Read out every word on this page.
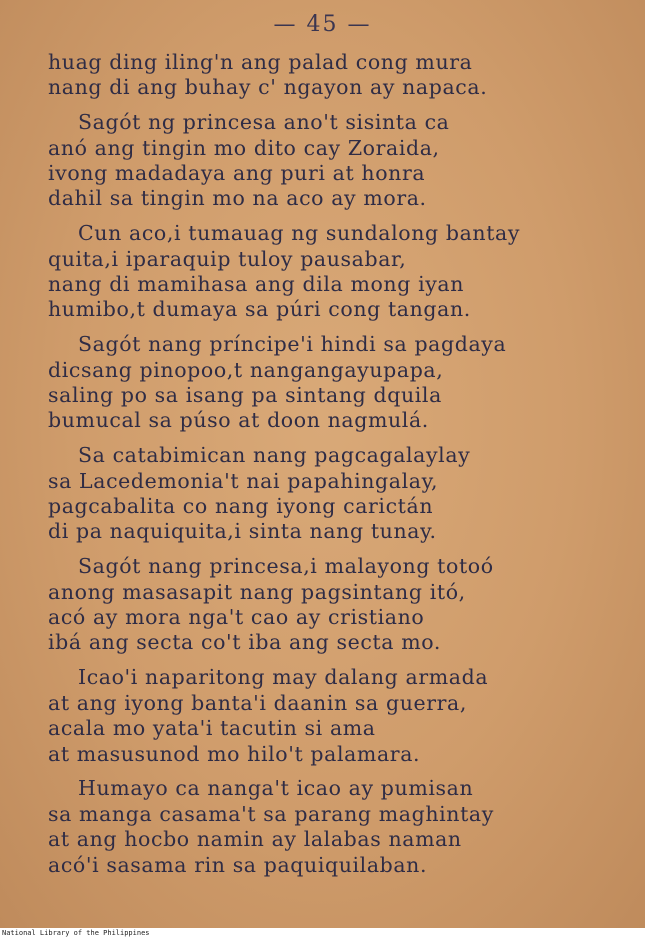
— 45 —
huag ding iling'n ang palad cong mura
nang di ang buhay c' ngayon ay napaca.
Sagót ng princesa ano't sisinta ca
anó ang tingin mo dito cay Zoraida,
ivong madadaya ang puri at honra
dahil sa tingin mo na aco ay mora.
Cun aco,i tumauag ng sundalong bantay
quita,i iparaquip tuloy pausabar,
nang di mamihasa ang dila mong iyan
humibo,t dumaya sa púri cong tangan.
Sagót nang príncipe'i hindi sa pagdaya
dicsang pinopoo,t nangangayupapa,
saling po sa isang pa sintang dquila
bumucal sa púso at doon nagmulá.
Sa catabimican nang pagcagalaylay
sa Lacedemonia't nai papahingalay,
pagcabalita co nang iyong carictán
di pa naquiquita,i sinta nang tunay.
Sagót nang princesa,i malayong totoó
anong masasapit nang pagsintang itó,
acó ay mora nga't cao ay cristiano
ibá ang secta co't iba ang secta mo.
Icao'i naparitong may dalang armada
at ang iyong banta'i daanin sa guerra,
acala mo yata'i tacutin si ama
at masusunod mo hilo't palamara.
Humayo ca nanga't icao ay pumisan
sa manga casama't sa parang maghintay
at ang hocbo namin ay lalabas naman
acó'i sasama rin sa paquiquilaban.
National Library of the Philippines
